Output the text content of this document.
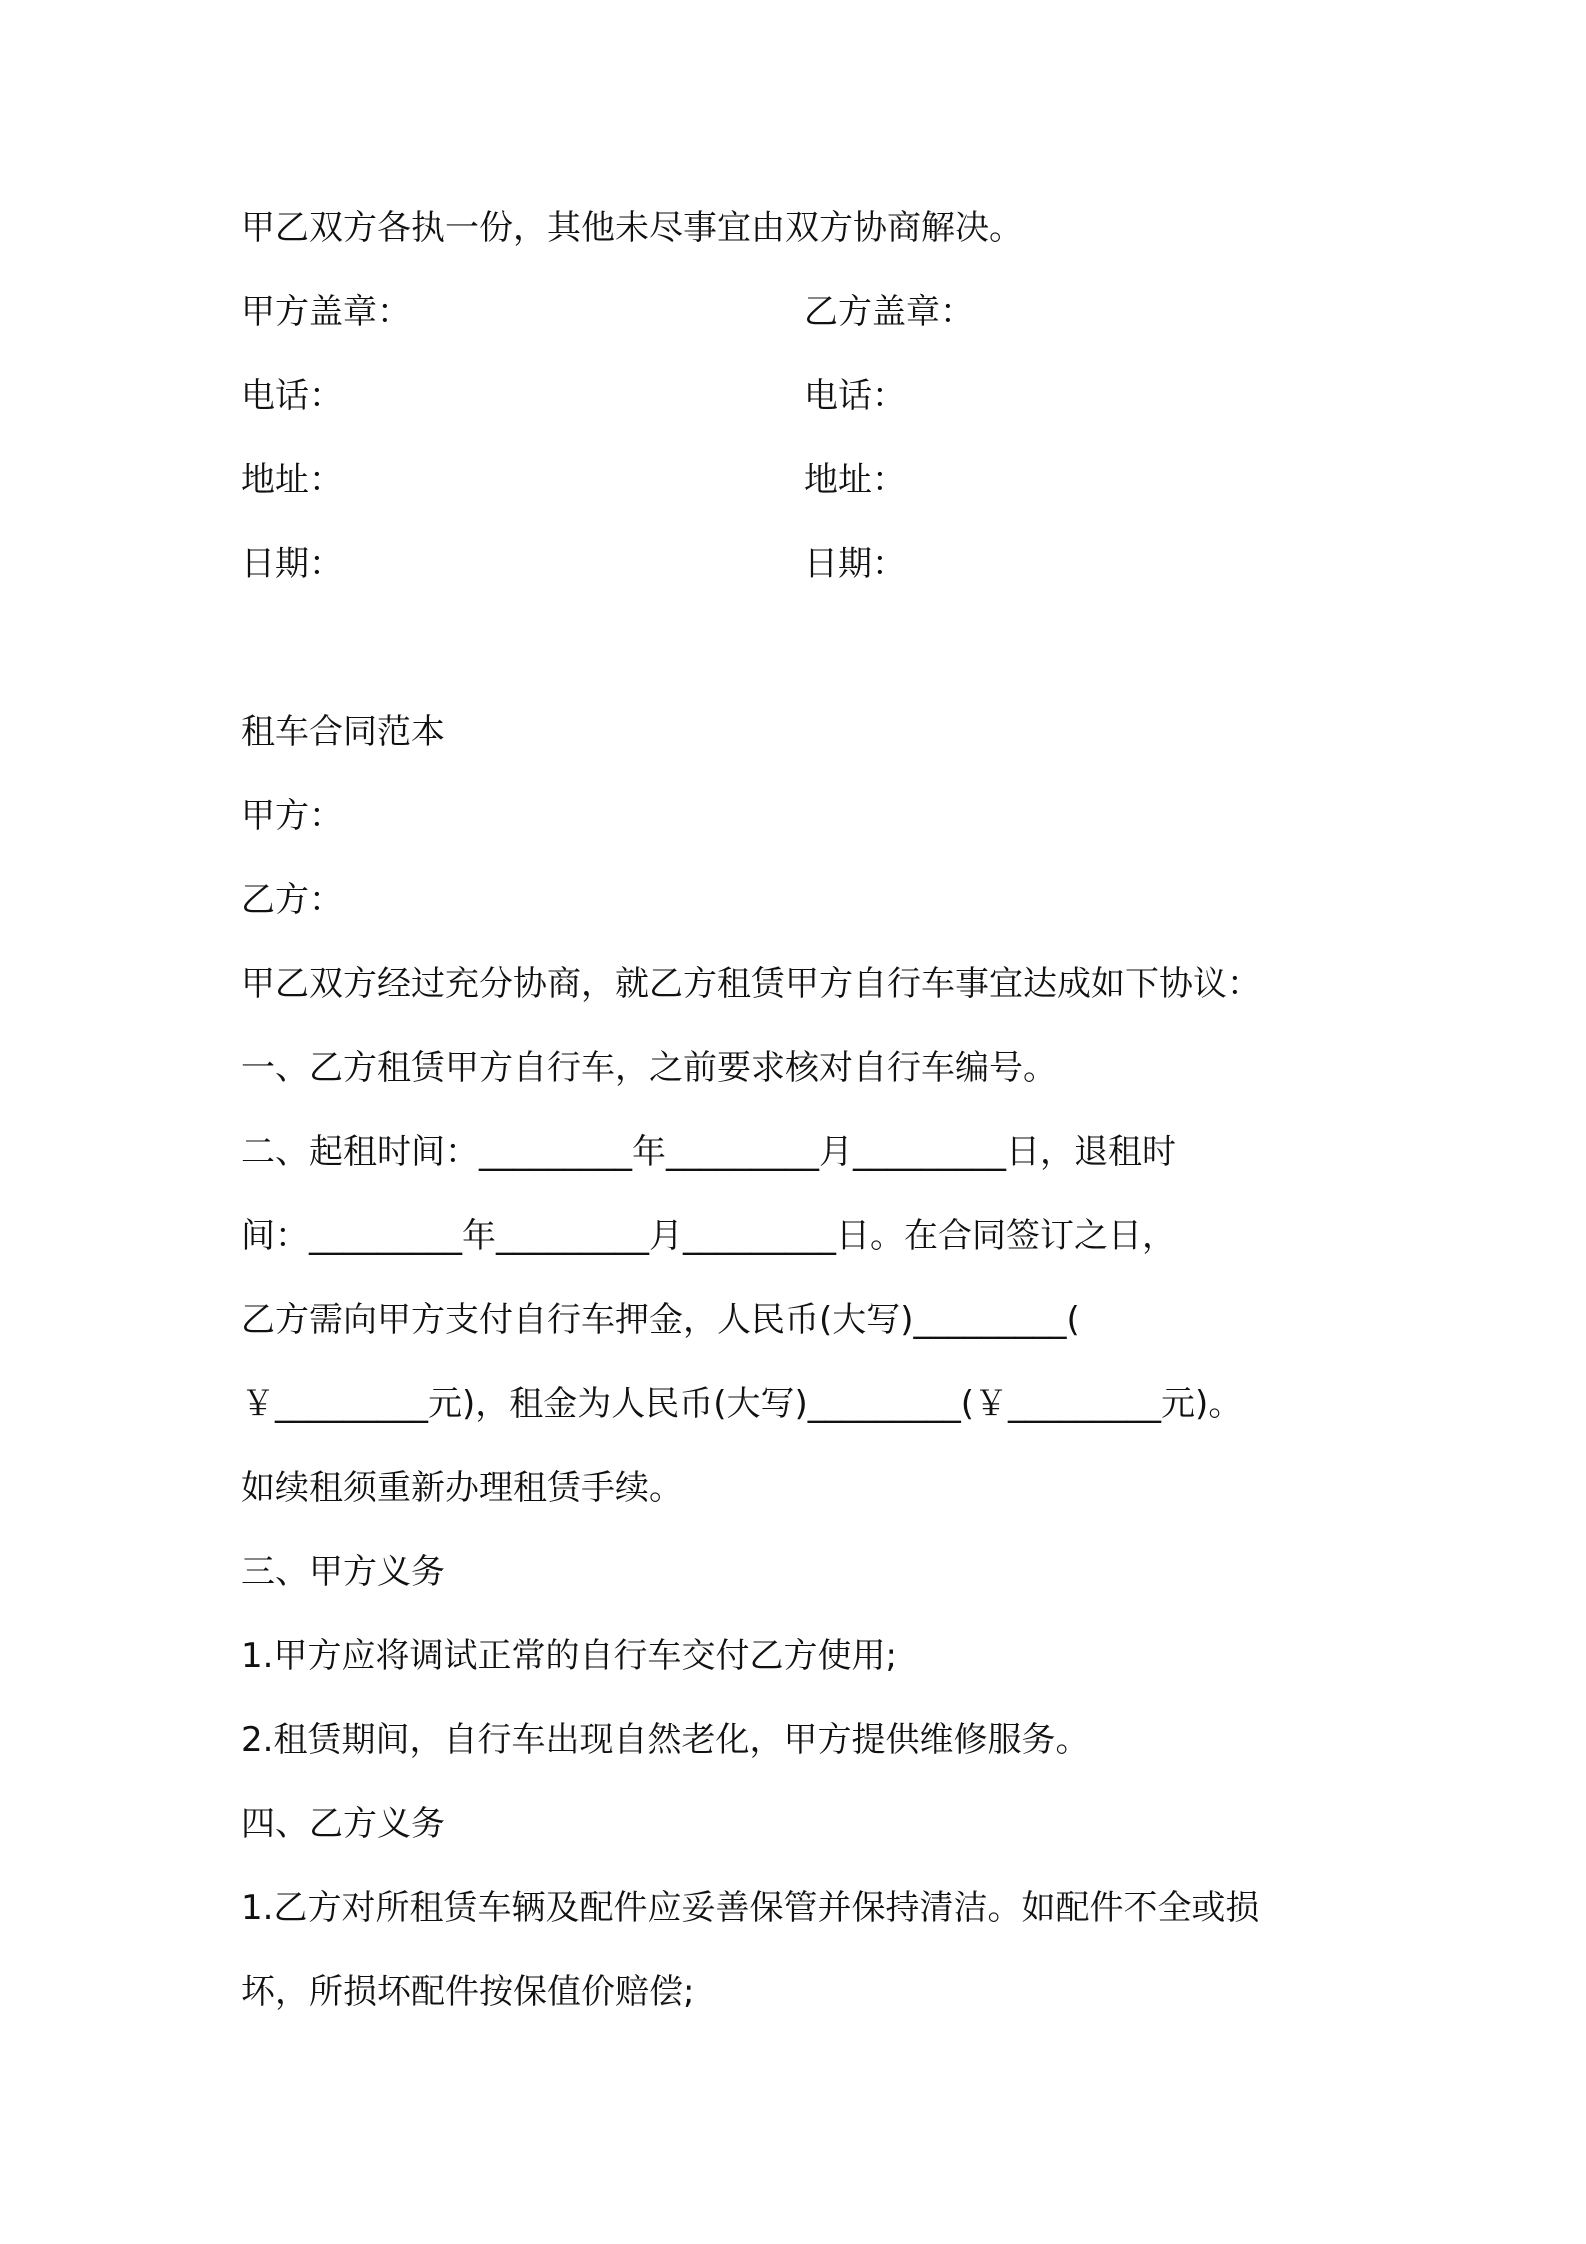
甲乙双方各执一份，其他未尽事宜由双方协商解决。
甲方盖章：	乙方盖章：
电话：	电话：
地址：	地址：
日期：	日期：
租车合同范本
甲方：
乙方：
甲乙双方经过充分协商，就乙方租赁甲方自行车事宜达成如下协议：
一、乙方租赁甲方自行车，之前要求核对自行车编号。
二、起租时间：_________年_________月_________日，退租时
间：_________年_________月_________日。在合同签订之日，
乙方需向甲方支付自行车押金，人民币(大写)_________(
￥_________元)，租金为人民币(大写)_________(￥_________元)。
如续租须重新办理租赁手续。
三、甲方义务
1.甲方应将调试正常的自行车交付乙方使用;
2.租赁期间，自行车出现自然老化，甲方提供维修服务。
四、乙方义务
1.乙方对所租赁车辆及配件应妥善保管并保持清洁。如配件不全或损
坏，所损坏配件按保值价赔偿;
